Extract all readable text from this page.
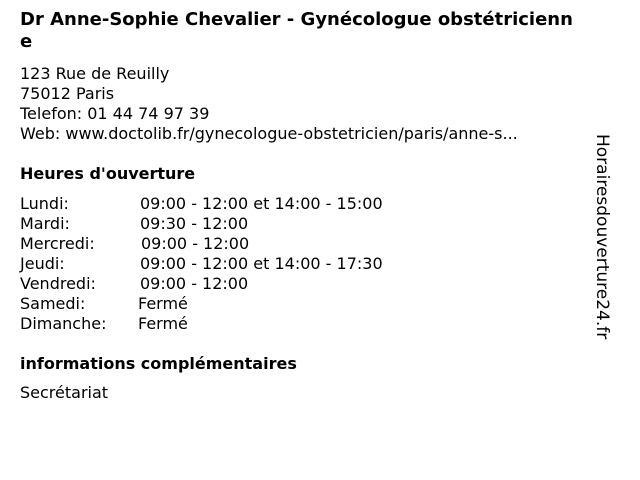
Dr Anne-Sophie Chevalier - Gynécologue obstétricienne
123 Rue de Reuilly
75012 Paris
Telefon: 01 44 74 97 39
Web: www.doctolib.fr/gynecologue-obstetricien/paris/anne-s...
Heures d'ouverture
Lundi:	09:00 - 12:00 et 14:00 - 15:00
Mardi:	09:30 - 12:00
Mercredi:	09:00 - 12:00
Jeudi:	09:00 - 12:00 et 14:00 - 17:30
Vendredi:	09:00 - 12:00
Samedi:	Fermé
Dimanche: Fermé
informations complémentaires
Secrétariat
Horairesdouverture24.fr
